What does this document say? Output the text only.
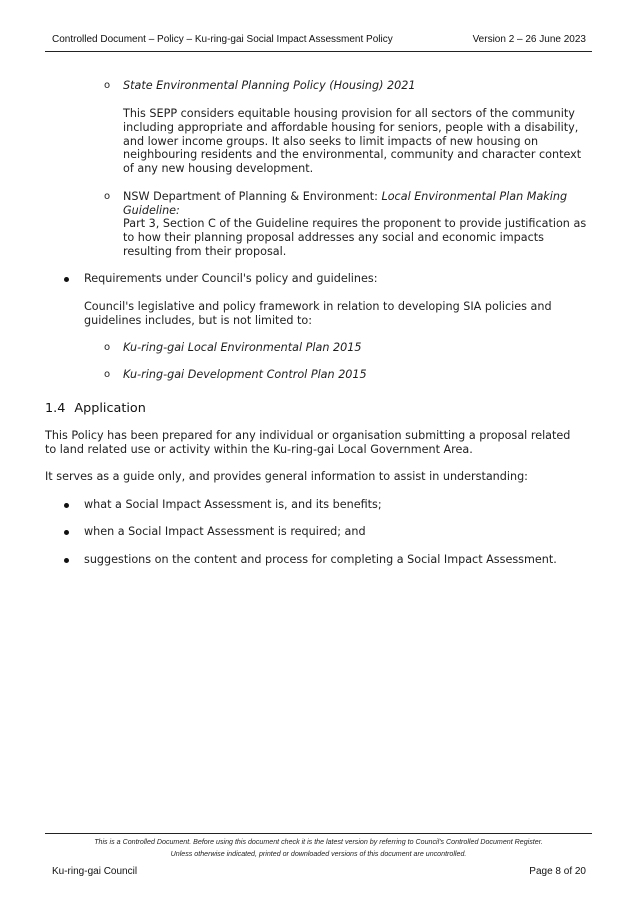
Controlled Document – Policy – Ku-ring-gai Social Impact Assessment Policy	Version 2 – 26 June 2023
o State Environmental Planning Policy (Housing) 2021
This SEPP considers equitable housing provision for all sectors of the community including appropriate and affordable housing for seniors, people with a disability, and lower income groups. It also seeks to limit impacts of new housing on neighbouring residents and the environmental, community and character context of any new housing development.
o NSW Department of Planning & Environment: Local Environmental Plan Making Guideline:
Part 3, Section C of the Guideline requires the proponent to provide justification as to how their planning proposal addresses any social and economic impacts resulting from their proposal.
Requirements under Council's policy and guidelines:
Council's legislative and policy framework in relation to developing SIA policies and guidelines includes, but is not limited to:
o Ku-ring-gai Local Environmental Plan 2015
o Ku-ring-gai Development Control Plan 2015
1.4 Application
This Policy has been prepared for any individual or organisation submitting a proposal related to land related use or activity within the Ku-ring-gai Local Government Area.
It serves as a guide only, and provides general information to assist in understanding:
what a Social Impact Assessment is, and its benefits;
when a Social Impact Assessment is required; and
suggestions on the content and process for completing a Social Impact Assessment.
This is a Controlled Document. Before using this document check it is the latest version by referring to Council's Controlled Document Register.
Unless otherwise indicated, printed or downloaded versions of this document are uncontrolled.
Ku-ring-gai Council	Page 8 of 20
